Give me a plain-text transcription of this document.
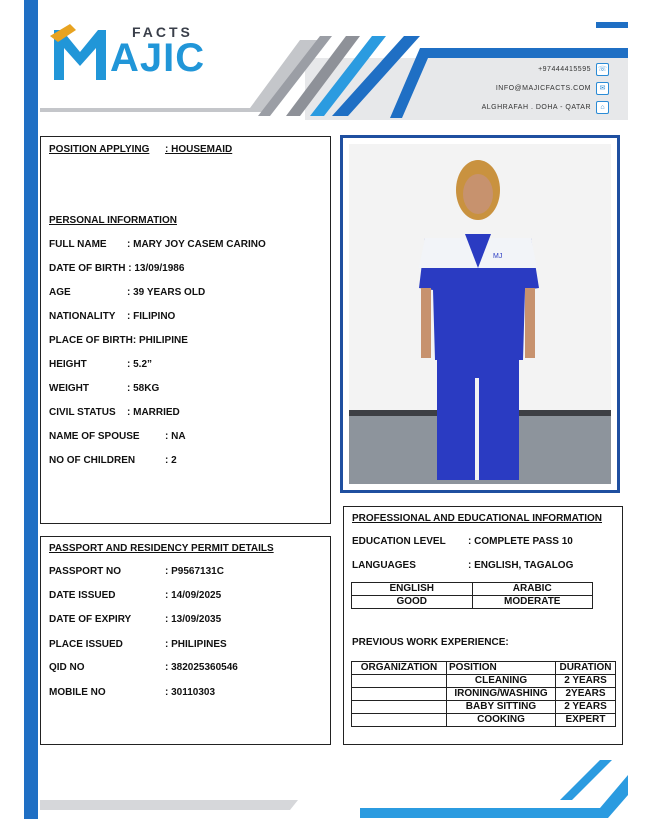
FACTS
AJIC	+97444415595	☏
INFO@MAJICFACTS.COM	✉
ALGHRAFAH . DOHA - QATAR	⌂
POSITION APPLYING : HOUSEMAID
PERSONAL INFORMATION
FULL NAME : MARY JOY CASEM CARINO
DATE OF BIRTH : 13/09/1986
AGE	: 39 YEARS OLD
NATIONALITY : FILIPINO
PLACE OF BIRTH: PHILIPINE
HEIGHT	: 5.2”
WEIGHT	: 58KG
CIVIL STATUS : MARRIED
NAME OF SPOUSE	: NA
NO OF CHILDREN	: 2
MJ
PASSPORT AND RESIDENCY PERMIT DETAILS
PASSPORT NO	: P9567131C
DATE ISSUED	: 14/09/2025
DATE OF EXPIRY	: 13/09/2035
PLACE ISSUED	: PHILIPINES
QID NO	: 382025360546
MOBILE NO	: 30110303
PROFESSIONAL AND EDUCATIONAL INFORMATION
EDUCATION LEVEL : COMPLETE PASS 10
LANGUAGES	: ENGLISH, TAGALOG
ENGLISH	ARABIC
GOOD	MODERATE
PREVIOUS WORK EXPERIENCE:
ORGANIZATION	POSITION	DURATION
	CLEANING	2 YEARS
	IRONING/WASHING	2YEARS
	BABY SITTING	2 YEARS
	COOKING	EXPERT
